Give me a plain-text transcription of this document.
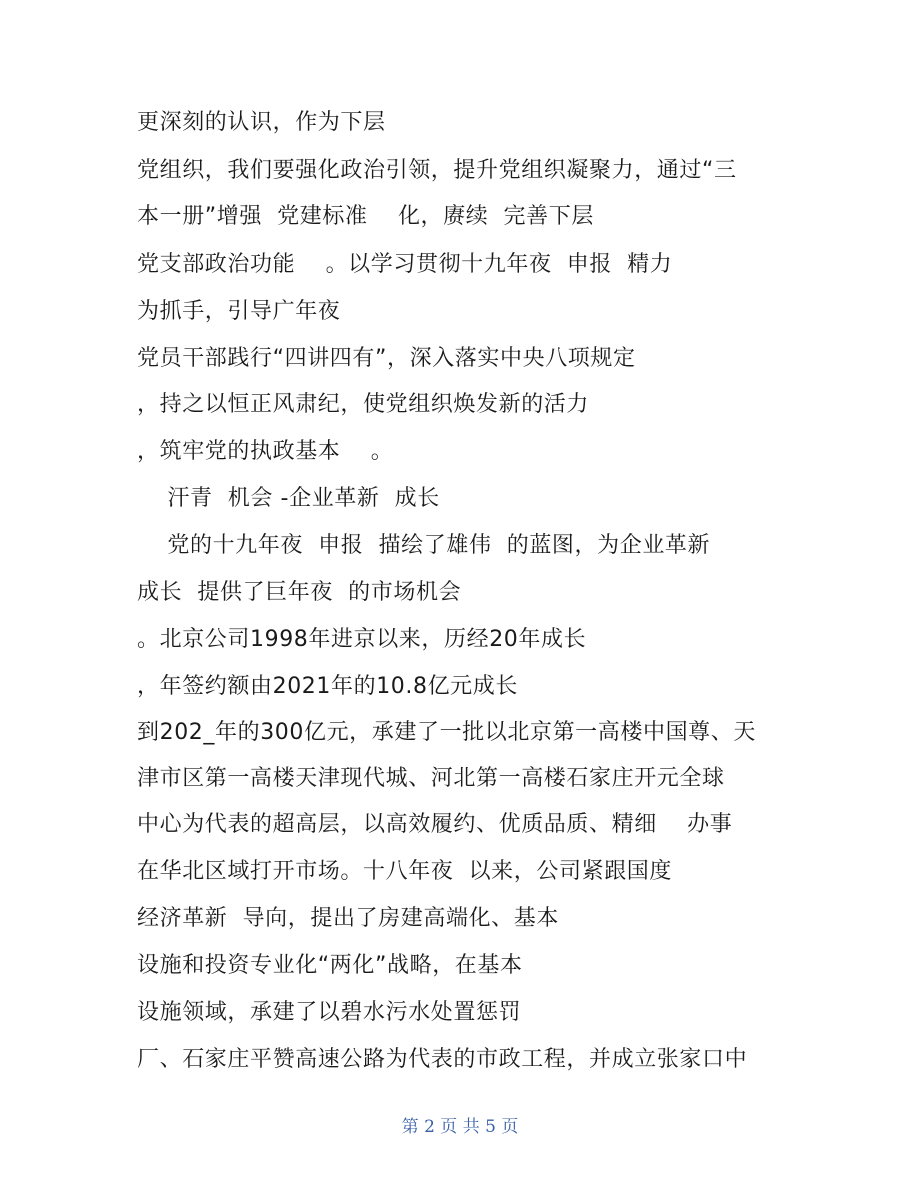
更深刻的认识，作为下层
党组织，我们要强化政治引领，提升党组织凝聚力，通过“三
本一册”增强  党建标准    化，赓续  完善下层
党支部政治功能    。以学习贯彻十九年夜  申报  精力
为抓手，引导广年夜
党员干部践行“四讲四有”，深入落实中央八项规定
，持之以恒正风肃纪，使党组织焕发新的活力
，筑牢党的执政基本    。
汗青  机会 -企业革新  成长
党的十九年夜  申报  描绘了雄伟  的蓝图，为企业革新
成长  提供了巨年夜  的市场机会
。北京公司1998年进京以来，历经20年成长
，年签约额由2021年的10.8亿元成长
到202_年的300亿元，承建了一批以北京第一高楼中国尊、天
津市区第一高楼天津现代城、河北第一高楼石家庄开元全球
中心为代表的超高层，以高效履约、优质品质、精细    办事
在华北区域打开市场。十八年夜  以来，公司紧跟国度
经济革新  导向，提出了房建高端化、基本
设施和投资专业化“两化”战略，在基本
设施领域，承建了以碧水污水处置惩罚
厂、石家庄平赞高速公路为代表的市政工程，并成立张家口中
第 2 页 共 5 页
